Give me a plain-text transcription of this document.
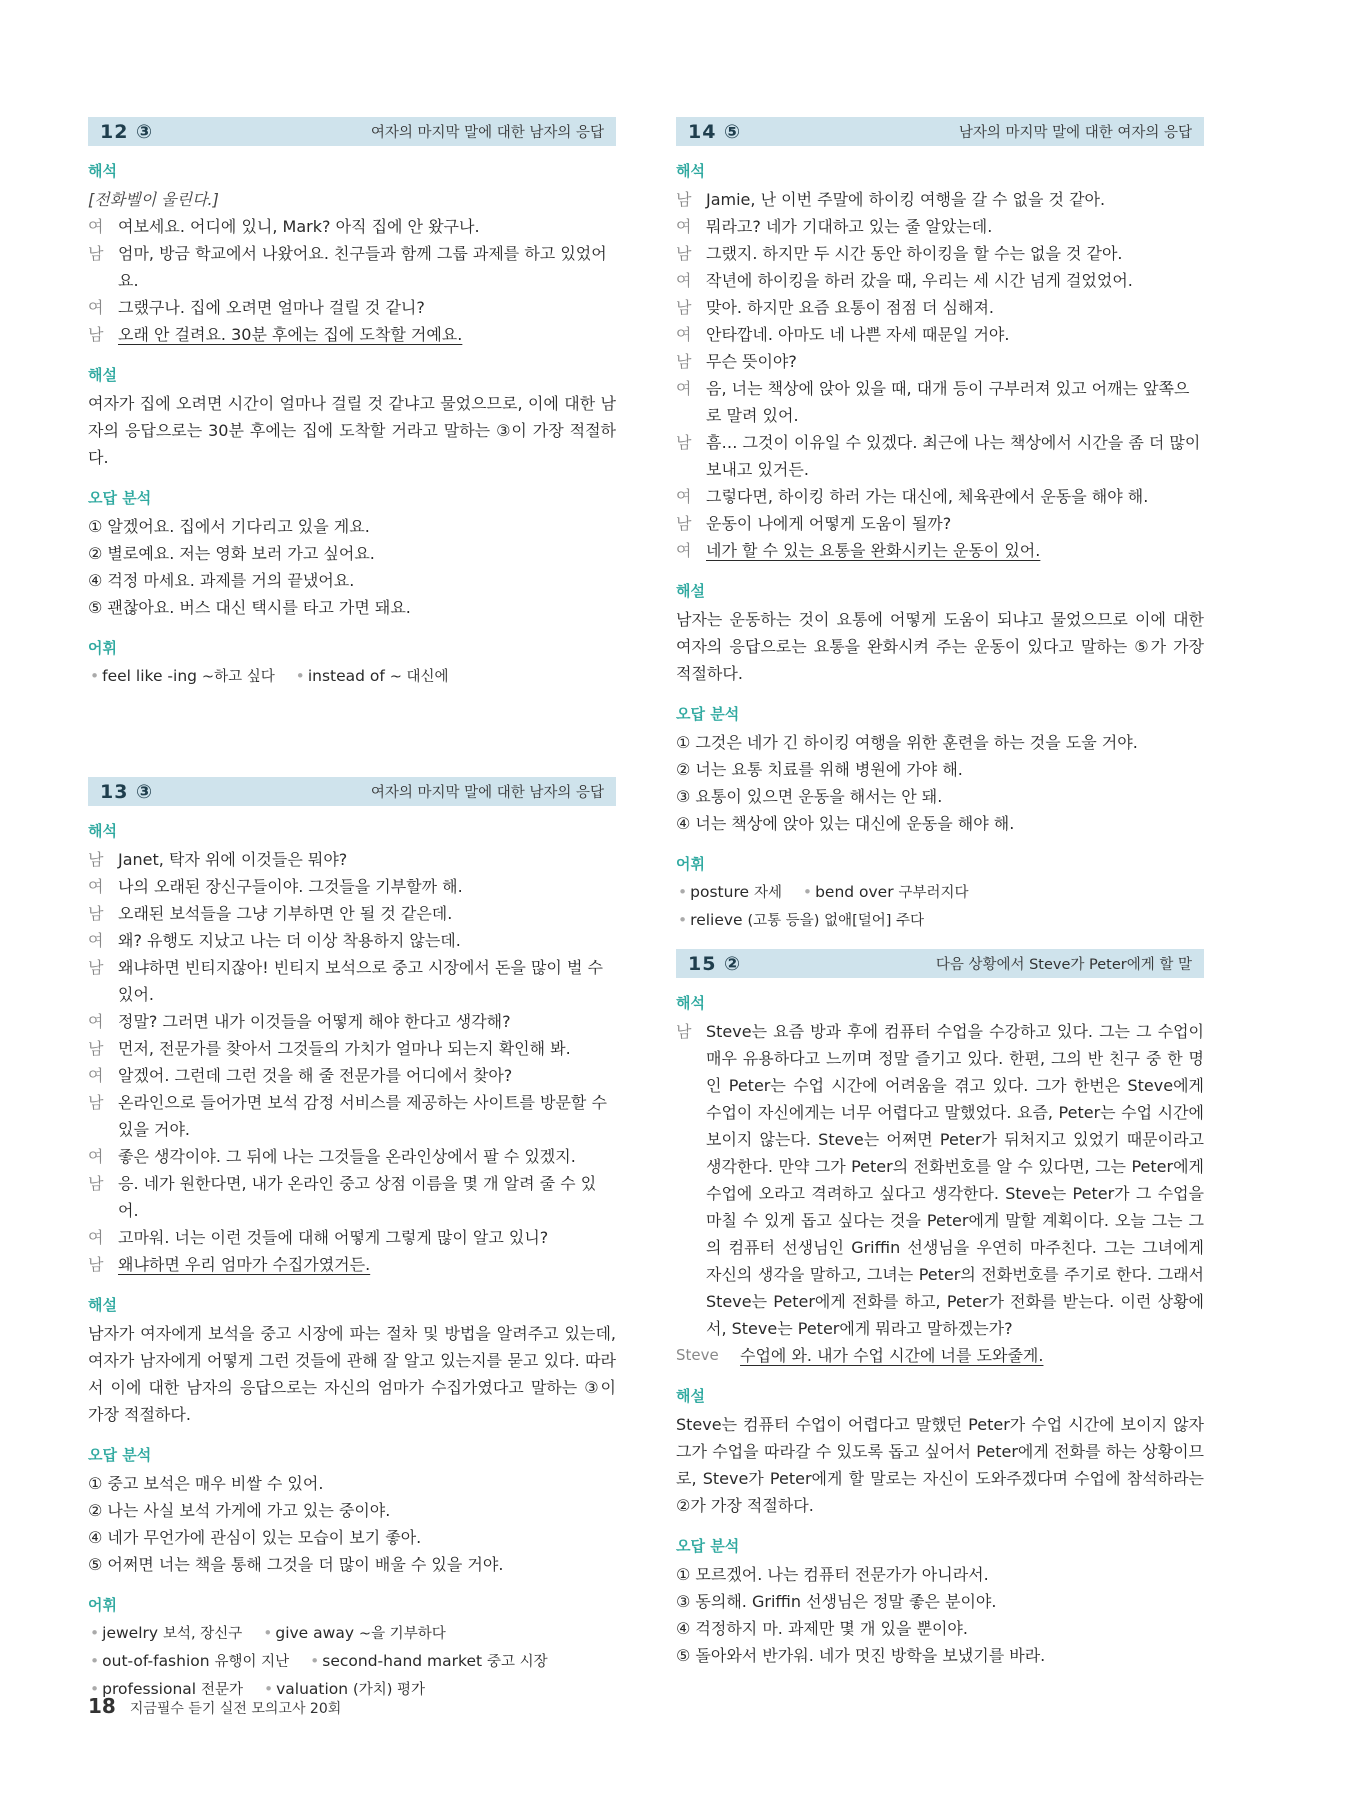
12 ③	여자의 마지막 말에 대한 남자의 응답
해석
[전화벨이 울린다.]

여 여보세요. 어디에 있니, Mark? 아직 집에 안 왔구나.

남 엄마, 방금 학교에서 나왔어요. 친구들과 함께 그룹 과제를 하고 있었어요.

여 그랬구나. 집에 오려면 얼마나 걸릴 것 같니?

남 오래 안 걸려요. 30분 후에는 집에 도착할 거예요.

해설

여자가 집에 오려면 시간이 얼마나 걸릴 것 같냐고 물었으므로, 이에 대한 남자의 응답으로는 30분 후에는 집에 도착할 거라고 말하는 ③이 가장 적절하다.

오답 분석

① 알겠어요. 집에서 기다리고 있을 게요.

② 별로예요. 저는 영화 보러 가고 싶어요.

④ 걱정 마세요. 과제를 거의 끝냈어요.

⑤ 괜찮아요. 버스 대신 택시를 타고 가면 돼요.

어휘
• feel like -ing ~하고 싶다 • instead of ~ 대신에
13 ③	여자의 마지막 말에 대한 남자의 응답
해석

남 Janet, 탁자 위에 이것들은 뭐야?

여 나의 오래된 장신구들이야. 그것들을 기부할까 해.

남 오래된 보석들을 그냥 기부하면 안 될 것 같은데.

여 왜? 유행도 지났고 나는 더 이상 착용하지 않는데.

남 왜냐하면 빈티지잖아! 빈티지 보석으로 중고 시장에서 돈을 많이 벌 수 있어.

여 정말? 그러면 내가 이것들을 어떻게 해야 한다고 생각해?

남 먼저, 전문가를 찾아서 그것들의 가치가 얼마나 되는지 확인해 봐.

여 알겠어. 그런데 그런 것을 해 줄 전문가를 어디에서 찾아?

남 온라인으로 들어가면 보석 감정 서비스를 제공하는 사이트를 방문할 수 있을 거야.

여 좋은 생각이야. 그 뒤에 나는 그것들을 온라인상에서 팔 수 있겠지.

남 응. 네가 원한다면, 내가 온라인 중고 상점 이름을 몇 개 알려 줄 수 있어.

여 고마워. 너는 이런 것들에 대해 어떻게 그렇게 많이 알고 있니?

남 왜냐하면 우리 엄마가 수집가였거든.

해설

남자가 여자에게 보석을 중고 시장에 파는 절차 및 방법을 알려주고 있는데, 여자가 남자에게 어떻게 그런 것들에 관해 잘 알고 있는지를 묻고 있다. 따라서 이에 대한 남자의 응답으로는 자신의 엄마가 수집가였다고 말하는 ③이 가장 적절하다.

오답 분석

① 중고 보석은 매우 비쌀 수 있어.

② 나는 사실 보석 가게에 가고 있는 중이야.

④ 네가 무언가에 관심이 있는 모습이 보기 좋아.

⑤ 어쩌면 너는 책을 통해 그것을 더 많이 배울 수 있을 거야.

어휘
• jewelry 보석, 장신구 • give away ~을 기부하다 • out-of-fashion 유행이 지난 • second-hand market 중고 시장 • professional 전문가 • valuation (가치) 평가
14 ⑤	남자의 마지막 말에 대한 여자의 응답
해석

남 Jamie, 난 이번 주말에 하이킹 여행을 갈 수 없을 것 같아.

여 뭐라고? 네가 기대하고 있는 줄 알았는데.

남 그랬지. 하지만 두 시간 동안 하이킹을 할 수는 없을 것 같아.

여 작년에 하이킹을 하러 갔을 때, 우리는 세 시간 넘게 걸었었어.

남 맞아. 하지만 요즘 요통이 점점 더 심해져.

여 안타깝네. 아마도 네 나쁜 자세 때문일 거야.

남 무슨 뜻이야?

여 음, 너는 책상에 앉아 있을 때, 대개 등이 구부러져 있고 어깨는 앞쪽으로 말려 있어.

남 흠… 그것이 이유일 수 있겠다. 최근에 나는 책상에서 시간을 좀 더 많이 보내고 있거든.

여 그렇다면, 하이킹 하러 가는 대신에, 체육관에서 운동을 해야 해.

남 운동이 나에게 어떻게 도움이 될까?

여 네가 할 수 있는 요통을 완화시키는 운동이 있어.

해설

남자는 운동하는 것이 요통에 어떻게 도움이 되냐고 물었으므로 이에 대한 여자의 응답으로는 요통을 완화시켜 주는 운동이 있다고 말하는 ⑤가 가장 적절하다.

오답 분석

① 그것은 네가 긴 하이킹 여행을 위한 훈련을 하는 것을 도울 거야.

② 너는 요통 치료를 위해 병원에 가야 해.

③ 요통이 있으면 운동을 해서는 안 돼.

④ 너는 책상에 앉아 있는 대신에 운동을 해야 해.

어휘
• posture 자세 • bend over 구부러지다 • relieve (고통 등을) 없애[덜어] 주다
15 ②	다음 상황에서 Steve가 Peter에게 할 말
해석

남 Steve는 요즘 방과 후에 컴퓨터 수업을 수강하고 있다. 그는 그 수업이 매우 유용하다고 느끼며 정말 즐기고 있다. 한편, 그의 반 친구 중 한 명인 Peter는 수업 시간에 어려움을 겪고 있다. 그가 한번은 Steve에게 수업이 자신에게는 너무 어렵다고 말했었다. 요즘, Peter는 수업 시간에 보이지 않는다. Steve는 어쩌면 Peter가 뒤처지고 있었기 때문이라고 생각한다. 만약 그가 Peter의 전화번호를 알 수 있다면, 그는 Peter에게 수업에 오라고 격려하고 싶다고 생각한다. Steve는 Peter가 그 수업을 마칠 수 있게 돕고 싶다는 것을 Peter에게 말할 계획이다. 오늘 그는 그의 컴퓨터 선생님인 Griffin 선생님을 우연히 마주친다. 그는 그녀에게 자신의 생각을 말하고, 그녀는 Peter의 전화번호를 주기로 한다. 그래서 Steve는 Peter에게 전화를 하고, Peter가 전화를 받는다. 이런 상황에서, Steve는 Peter에게 뭐라고 말하겠는가?

Steve	수업에 와. 내가 수업 시간에 너를 도와줄게.

해설

Steve는 컴퓨터 수업이 어렵다고 말했던 Peter가 수업 시간에 보이지 않자 그가 수업을 따라갈 수 있도록 돕고 싶어서 Peter에게 전화를 하는 상황이므로, Steve가 Peter에게 할 말로는 자신이 도와주겠다며 수업에 참석하라는 ②가 가장 적절하다.

오답 분석

① 모르겠어. 나는 컴퓨터 전문가가 아니라서.

③ 동의해. Griffin 선생님은 정말 좋은 분이야.

④ 걱정하지 마. 과제만 몇 개 있을 뿐이야.

⑤ 돌아와서 반가워. 네가 멋진 방학을 보냈기를 바라.

18 지금필수 듣기 실전 모의고사 20회
